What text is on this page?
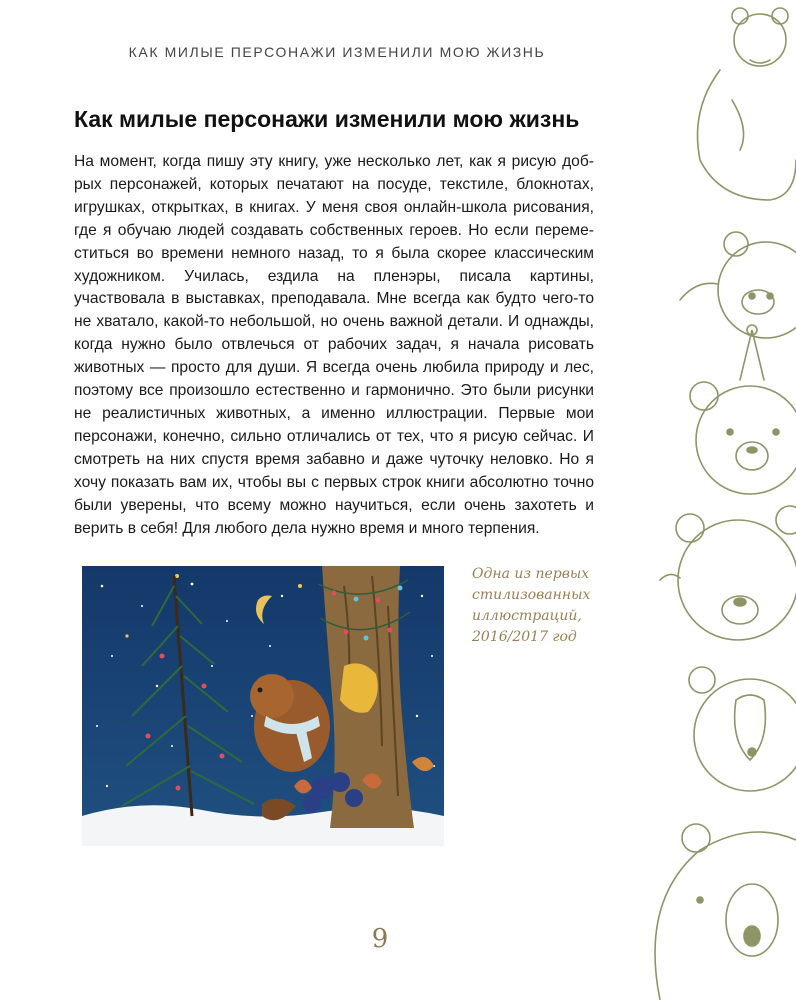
КАК МИЛЫЕ ПЕРСОНАЖИ ИЗМЕНИЛИ МОЮ ЖИЗНЬ
Как милые персонажи изменили мою жизнь

На момент, когда пишу эту книгу, уже несколько лет, как я рисую добрых персонажей, которых печатают на посуде, текстиле, блокнотах, игрушках, открытках, в книгах. У меня своя онлайн-школа рисования, где я обучаю людей создавать собственных героев. Но если переместиться во времени немного назад, то я была скорее классическим художником. Училась, ездила на пленэры, писала картины, участвовала в выставках, преподавала. Мне всегда как будто чего-то не хватало, какой-то небольшой, но очень важной детали. И однажды, когда нужно было отвлечься от рабочих задач, я начала рисовать животных — просто для души. Я всегда очень любила природу и лес, поэтому все произошло естественно и гармонично. Это были рисунки не реалистичных животных, а именно иллюстрации. Первые мои персонажи, конечно, сильно отличались от тех, что я рисую сейчас. И смотреть на них спустя время забавно и даже чуточку неловко. Но я хочу показать вам их, чтобы вы с первых строк книги абсолютно точно были уверены, что всему можно научиться, если очень захотеть и верить в себя! Для любого дела нужно время и много терпения.

Одна из первых
стилизованных
иллюстраций,
2016/2017 год
9
